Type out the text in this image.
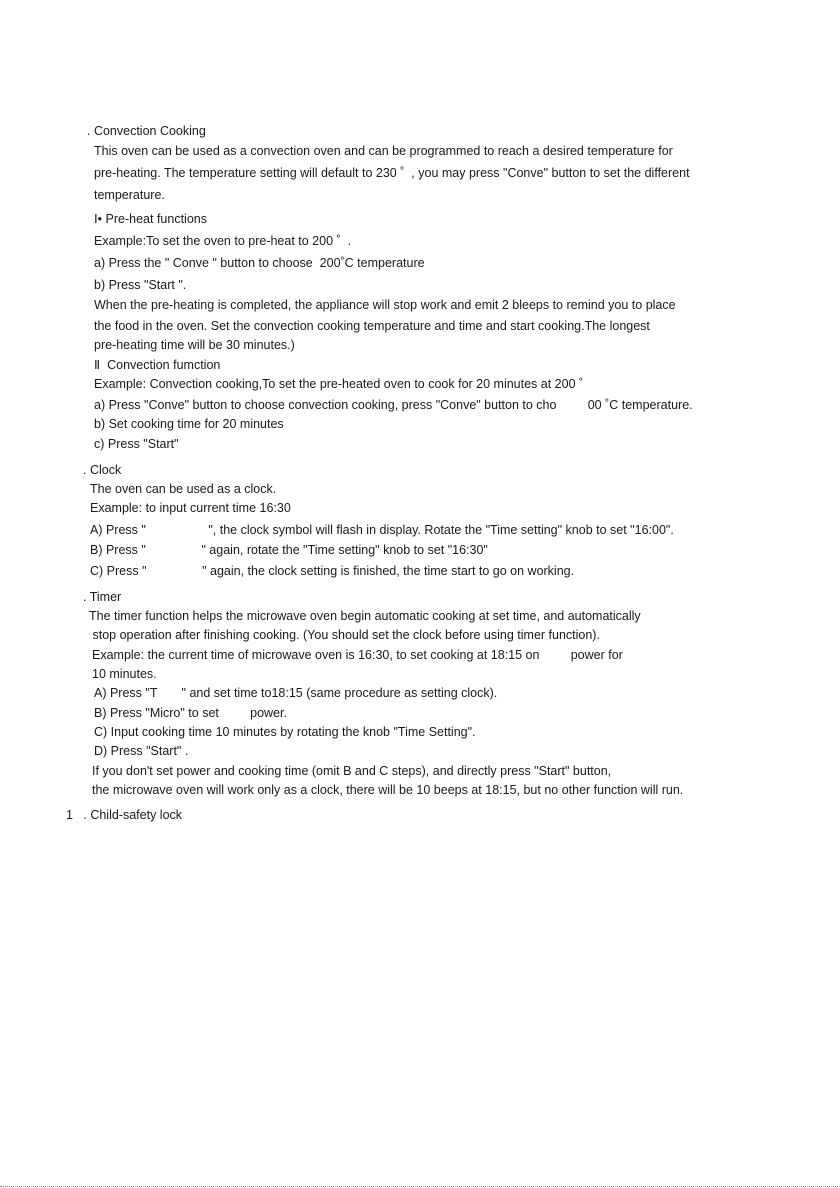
. Convection Cooking
This oven can be used as a convection oven and can be programmed to reach a desired temperature for
pre-heating. The temperature setting will default to 230 ˚  , you may press "Conve" button to set the different
temperature.
Ⅰ• Pre-heat functions
Example:To set the oven to pre-heat to 200 ˚  .
a) Press the " Conve " button to choose  200˚C temperature
b) Press "Start ".
When the pre-heating is completed, the appliance will stop work and emit 2 bleeps to remind you to place
the food in the oven. Set the convection cooking temperature and time and start cooking.The longest
pre-heating time will be 30 minutes.)
Ⅱ  Convection fumction
Example: Convection cooking,To set the pre-heated oven to cook for 20 minutes at 200 ˚
a) Press "Conve" button to choose convection cooking, press "Conve" button to cho         00 ˚C temperature.
b) Set cooking time for 20 minutes
c) Press "Start"
. Clock
The oven can be used as a clock.
Example: to input current time 16:30
A) Press "                  ", the clock symbol will flash in display. Rotate the "Time setting" knob to set "16:00".
B) Press "                " again, rotate the "Time setting" knob to set "16:30"
C) Press "                " again, the clock setting is finished, the time start to go on working.
. Timer
The timer function helps the microwave oven begin automatic cooking at set time, and automatically
stop operation after finishing cooking. (You should set the clock before using timer function).
Example: the current time of microwave oven is 16:30, to set cooking at 18:15 on         power for
10 minutes.
A) Press "T       " and set time to18:15 (same procedure as setting clock).
B) Press "Micro" to set         power.
C) Input cooking time 10 minutes by rotating the knob "Time Setting".
D) Press "Start" .
If you don't set power and cooking time (omit B and C steps), and directly press "Start" button,
the microwave oven will work only as a clock, there will be 10 beeps at 18:15, but no other function will run.
1   . Child-safety lock
